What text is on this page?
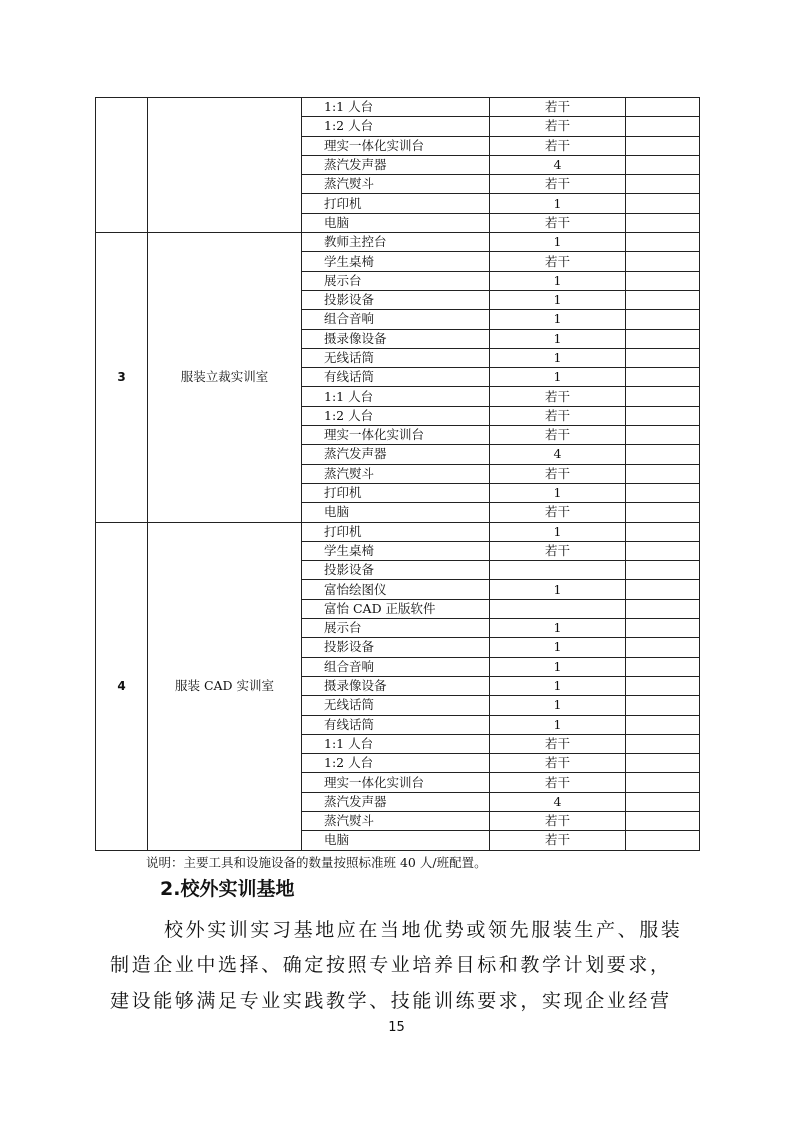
		1:1 人台	若干	
		1:2 人台	若干	
		理实一体化实训台	若干	
		蒸汽发声器	4	
		蒸汽熨斗	若干	
		打印机	1	
		电脑	若干	
3	服装立裁实训室	教师主控台	1	
		学生桌椅	若干	
		展示台	1	
		投影设备	1	
		组合音响	1	
		摄录像设备	1	
		无线话筒	1	
		有线话筒	1	
		1:1 人台	若干	
		1:2 人台	若干	
		理实一体化实训台	若干	
		蒸汽发声器	4	
		蒸汽熨斗	若干	
		打印机	1	
		电脑	若干	
4	服装 CAD 实训室	打印机	1	
		学生桌椅	若干	
		投影设备		
		富怡绘图仪	1	
		富怡 CAD 正版软件		
		展示台	1	
		投影设备	1	
		组合音响	1	
		摄录像设备	1	
		无线话筒	1	
		有线话筒	1	
		1:1 人台	若干	
		1:2 人台	若干	
		理实一体化实训台	若干	
		蒸汽发声器	4	
		蒸汽熨斗	若干	
		电脑	若干	
说明：主要工具和设施设备的数量按照标准班 40 人/班配置。
2.校外实训基地
校外实训实习基地应在当地优势或领先服装生产、服装
制造企业中选择、确定按照专业培养目标和教学计划要求，
建设能够满足专业实践教学、技能训练要求，实现企业经营
15
